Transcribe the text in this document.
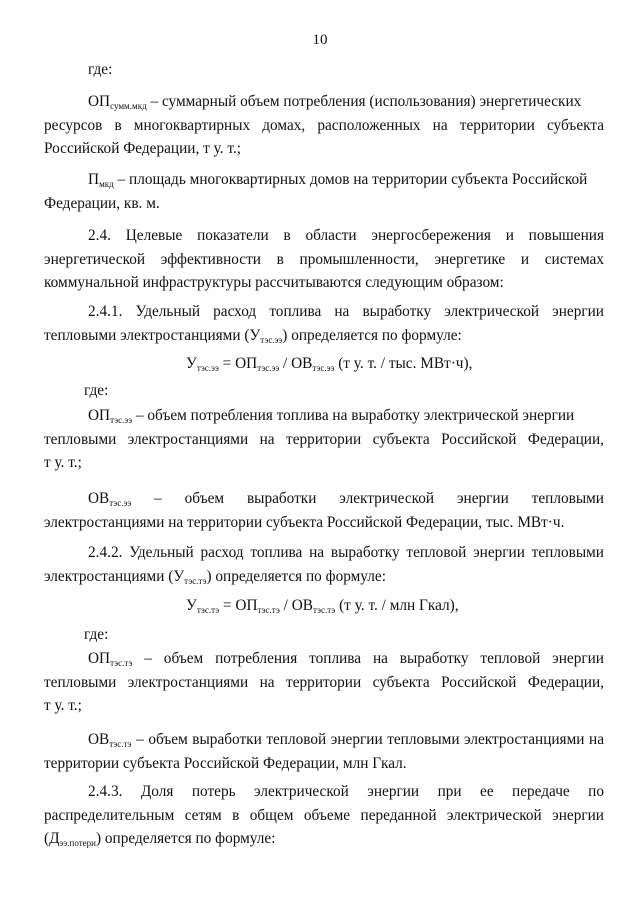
10
где:
$ОП_{сумм.мкд}$ – суммарный объем потребления (использования) энергетических
ресурсов в многоквартирных домах, расположенных на территории субъекта
Российской Федерации, т у. т.;
$П_{мкд}$ – площадь многоквартирных домов на территории субъекта Российской
Федерации, кв. м.
2.4. Целевые показатели в области энергосбережения и повышения
энергетической эффективности в промышленности, энергетике и системах
коммунальной инфраструктуры рассчитываются следующим образом:
2.4.1. Удельный расход топлива на выработку электрической энергии
тепловыми электростанциями $(У_{тэс.ээ})$ определяется по формуле:
$У_{тэс.ээ} = ОП_{тэс.ээ} / ОВ_{тэс.ээ}$ (т у. т. / тыс. МВт·ч),
где:
$ОП_{тэс.ээ}$ – объем потребления топлива на выработку электрической энергии
тепловыми электростанциями на территории субъекта Российской Федерации,
т у. т.;
$ОВ_{тэс.ээ}$ – объем выработки электрической энергии тепловыми
электростанциями на территории субъекта Российской Федерации, тыс. МВт·ч.
2.4.2. Удельный расход топлива на выработку тепловой энергии тепловыми
электростанциями $(У_{тэс.тэ})$ определяется по формуле:
$У_{тэс.тэ} = ОП_{тэс.тэ} / ОВ_{тэс.тэ}$ (т у. т. / млн Гкал),
где:
$ОП_{тэс.тэ}$ – объем потребления топлива на выработку тепловой энергии
тепловыми электростанциями на территории субъекта Российской Федерации,
т у. т.;
$ОВ_{тэс.тэ}$ – объем выработки тепловой энергии тепловыми электростанциями на
территории субъекта Российской Федерации, млн Гкал.
2.4.3. Доля потерь электрической энергии при ее передаче по
распределительным сетям в общем объеме переданной электрической энергии
$(Д_{ээ.потери})$ определяется по формуле:
